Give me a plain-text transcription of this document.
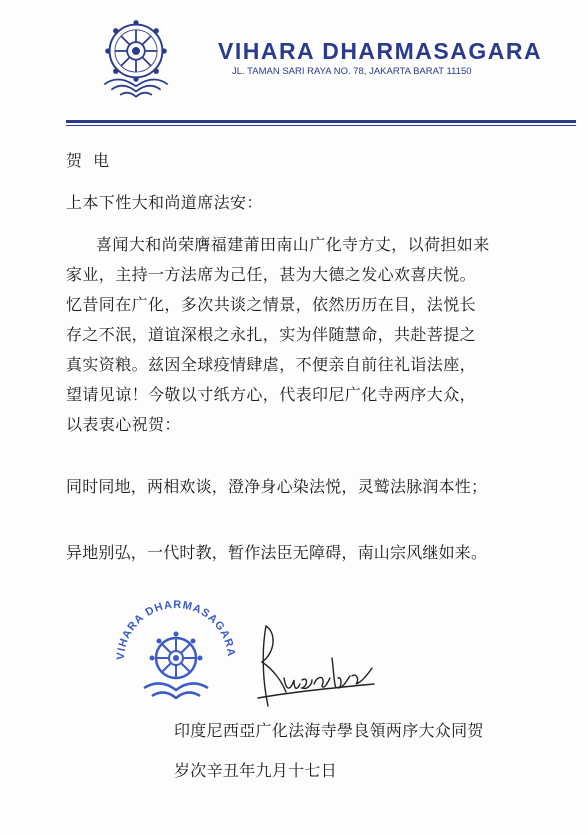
VIHARA DHARMASAGARA
JL. TAMAN SARI RAYA NO. 78, JAKARTA BARAT 11150
贺 电
上本下性大和尚道席法安：
喜闻大和尚荣膺福建莆田南山广化寺方丈，以荷担如来
家业，主持一方法席为己任，甚为大德之发心欢喜庆悦。
忆昔同在广化，多次共谈之情景，依然历历在目，法悦长
存之不泯，道谊深根之永扎，实为伴随慧命，共赴菩提之
真实资粮。兹因全球疫情肆虐，不便亲自前往礼诣法座，
望请见谅！今敬以寸纸方心，代表印尼广化寺两序大众，
以表衷心祝贺：
同时同地，两相欢谈，澄净身心染法悦，灵鹫法脉润本性；
异地别弘，一代时教，暂作法臣无障碍，南山宗风继如来。
VIHARA DHARMASAGARA
印度尼西亞广化法海寺學良領两序大众同贺
岁次辛丑年九月十七日
